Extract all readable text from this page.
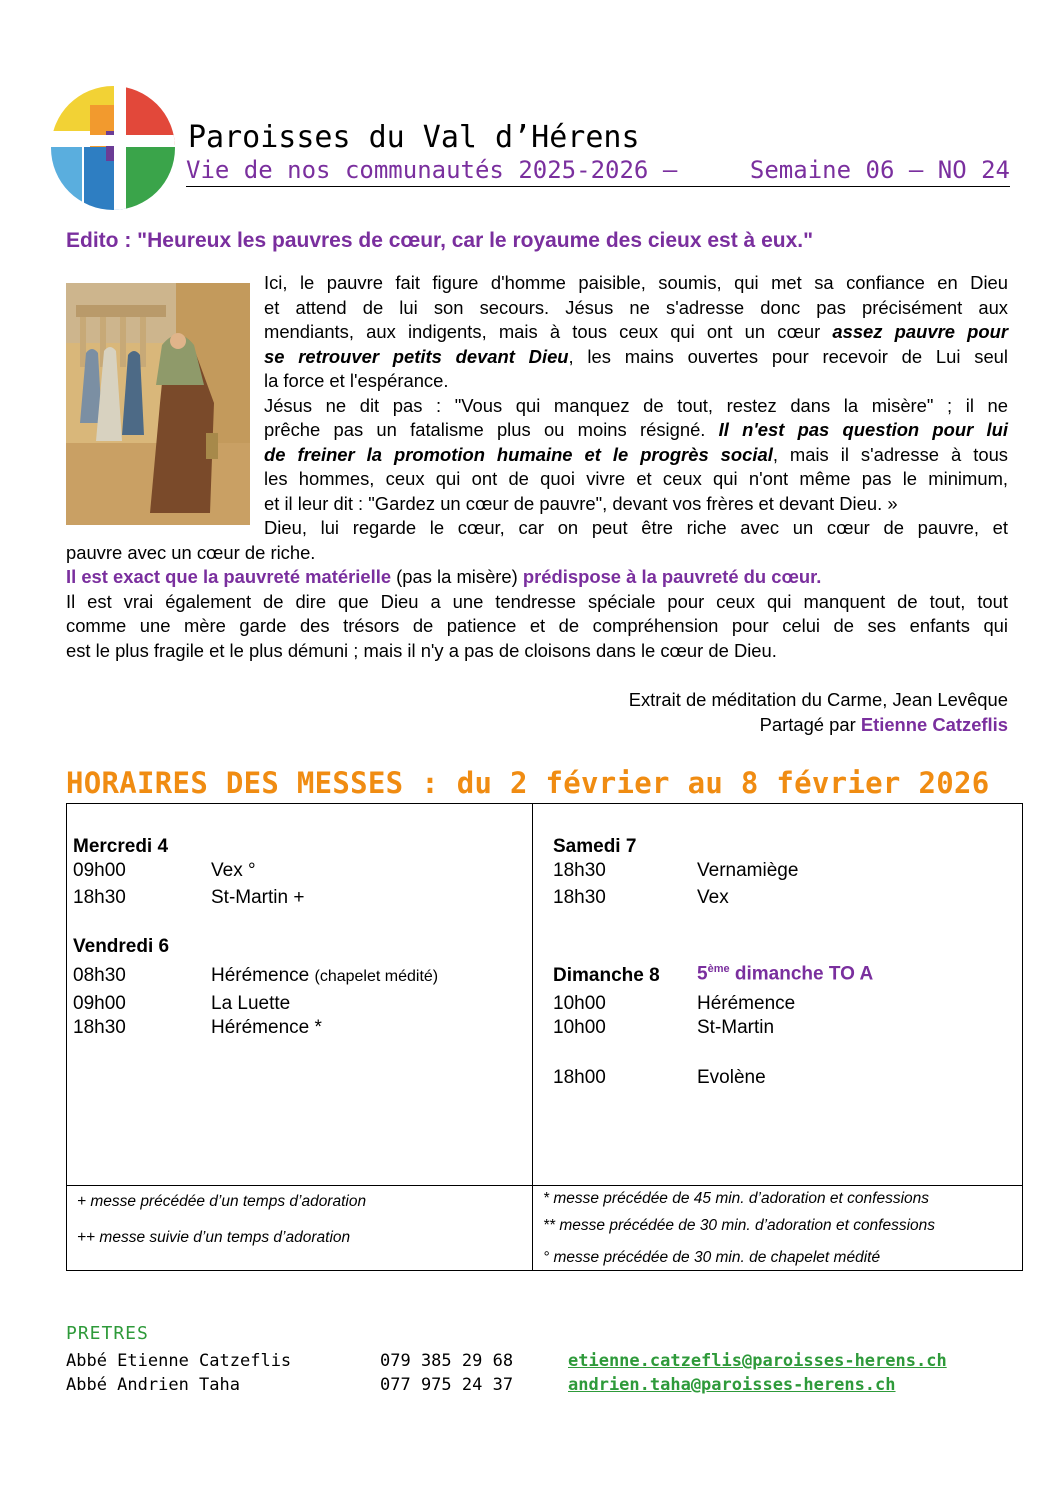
Paroisses du Val d’Hérens
Vie de nos communautés 2025-2026 –	Semaine 06 – NO 24
Edito : "Heureux les pauvres de cœur, car le royaume des cieux est à eux."
Ici, le pauvre fait figure d'homme paisible, soumis, qui met sa confiance en Dieu
et attend de lui son secours. Jésus ne s'adresse donc pas précisément aux
mendiants, aux indigents, mais à tous ceux qui ont un cœur assez pauvre pour
se retrouver petits devant Dieu, les mains ouvertes pour recevoir de Lui seul
la force et l'espérance.
Jésus ne dit pas : "Vous qui manquez de tout, restez dans la misère" ; il ne
prêche pas un fatalisme plus ou moins résigné. Il n'est pas question pour lui
de freiner la promotion humaine et le progrès social, mais il s'adresse à tous
les hommes, ceux qui ont de quoi vivre et ceux qui n'ont même pas le minimum,
et il leur dit : "Gardez un cœur de pauvre", devant vos frères et devant Dieu. »
Dieu, lui regarde le cœur, car on peut être riche avec un cœur de pauvre, et
pauvre avec un cœur de riche.
Il est exact que la pauvreté matérielle (pas la misère) prédispose à la pauvreté du cœur.
Il est vrai également de dire que Dieu a une tendresse spéciale pour ceux qui manquent de tout, tout
comme une mère garde des trésors de patience et de compréhension pour celui de ses enfants qui
est le plus fragile et le plus démuni ; mais il n'y a pas de cloisons dans le cœur de Dieu.
Extrait de méditation du Carme, Jean Levêque
Partagé par Etienne Catzeflis
HORAIRES DES MESSES : du 2 février au 8 février 2026
Mercredi 4
09h00	Vex °
18h30	St-Martin +
Vendredi 6
08h30	Hérémence (chapelet médité)
09h00	La Luette
18h30	Hérémence *
Samedi 7
18h30	Vernamiège
18h30	Vex
Dimanche 8 5ème dimanche TO A
10h00	Hérémence
10h00	St-Martin
18h00	Evolène
+ messe précédée d’un temps d’adoration
++ messe suivie d’un temps d’adoration
* messe précédée de 45 min. d’adoration et confessions
** messe précédée de 30 min. d’adoration et confessions
° messe précédée de 30 min. de chapelet médité
PRETRES
Abbé Etienne Catzeflis	079 385 29 68	etienne.catzeflis@paroisses-herens.ch
Abbé Andrien Taha	077 975 24 37	andrien.taha@paroisses-herens.ch
